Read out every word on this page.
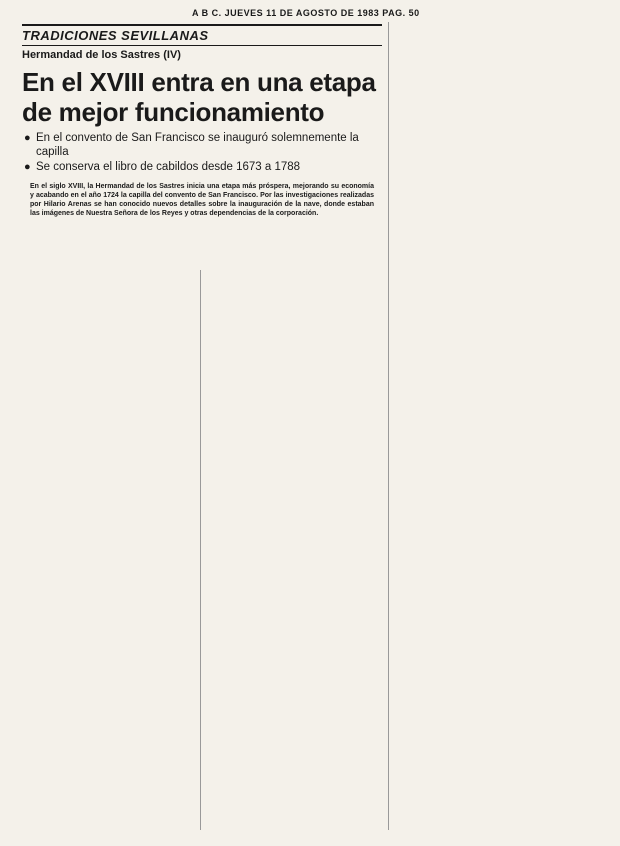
A B C. JUEVES 11 DE AGOSTO DE 1983 PAG. 50
TRADICIONES SEVILLANAS
Hermandad de los Sastres (IV)
En el XVIII entra en una etapa de mejor funcionamiento
● En el convento de San Francisco se inauguró solemnemente la capilla
● Se conserva el libro de cabildos desde 1673 a 1788
En el siglo XVIII, la Hermandad de los Sastres inicia una etapa más próspera, mejorando su economía y acabando en el año 1724 la capilla del convento de San Francisco. Por las investigaciones realizadas por Hilario Arenas se han conocido nuevos detalles sobre la inauguración de la nave, donde estaban las imágenes de Nuestra Señora de los Reyes y otras dependencias de la corporación.
